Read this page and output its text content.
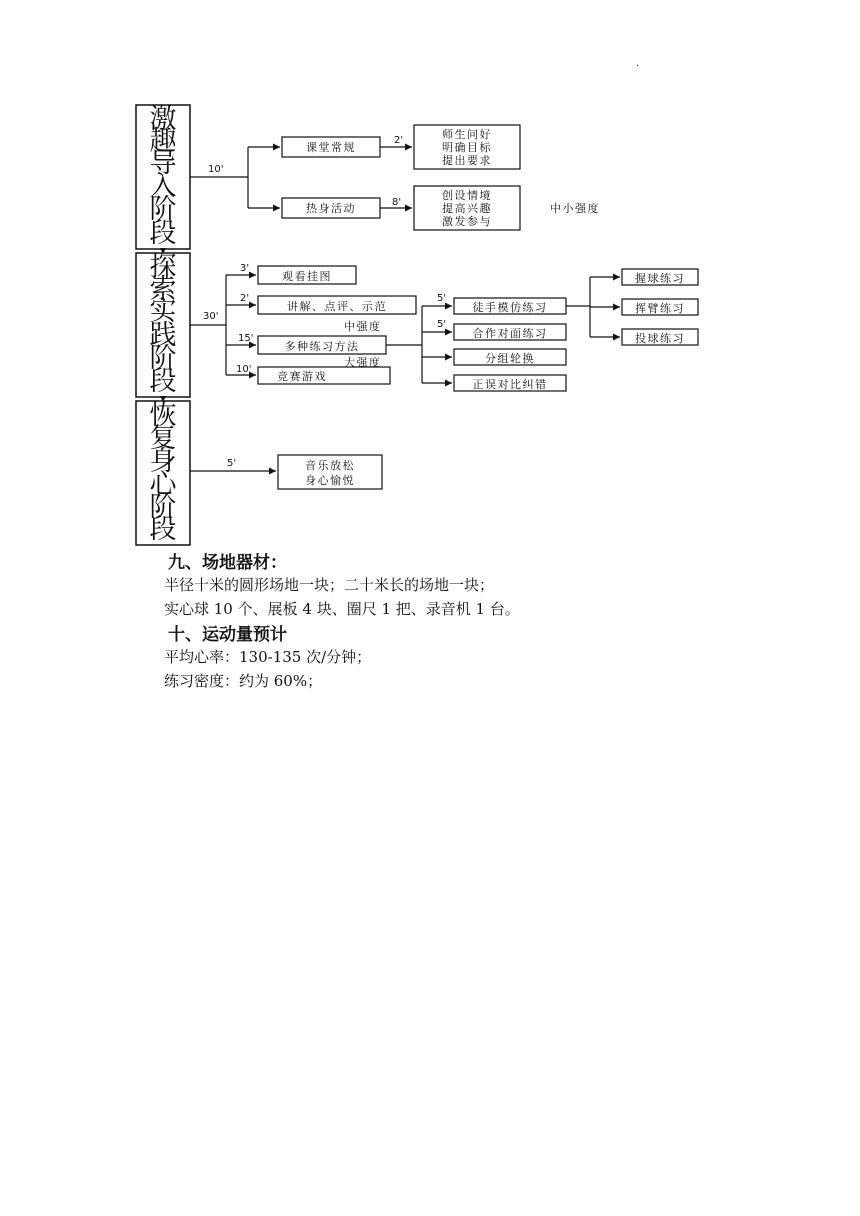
激
趣
导
入
阶
段
探
索
实
践
阶
段
恢
复
身
心
阶
段
10'
30'
5'
2'
8'
3'
2'
15'
10'
5'
5'
课堂常规
热身活动
师生问好
明确目标
提出要求
创设情境
提高兴趣
激发参与
中小强度
观看挂图
讲解、点评、示范
多种练习方法
竞赛游戏
中强度
大强度
徒手模仿练习
合作对面练习
分组轮换
正误对比纠错
握球练习
挥臂练习
投球练习
音乐放松
身心愉悦
.

九、场地器材：

半径十米的圆形场地一块；二十米长的场地一块；

实心球 10 个、展板 4 块、圈尺 1 把、录音机 1 台。

十、运动量预计

平均心率：130-135 次/分钟；

练习密度：约为 60%；
